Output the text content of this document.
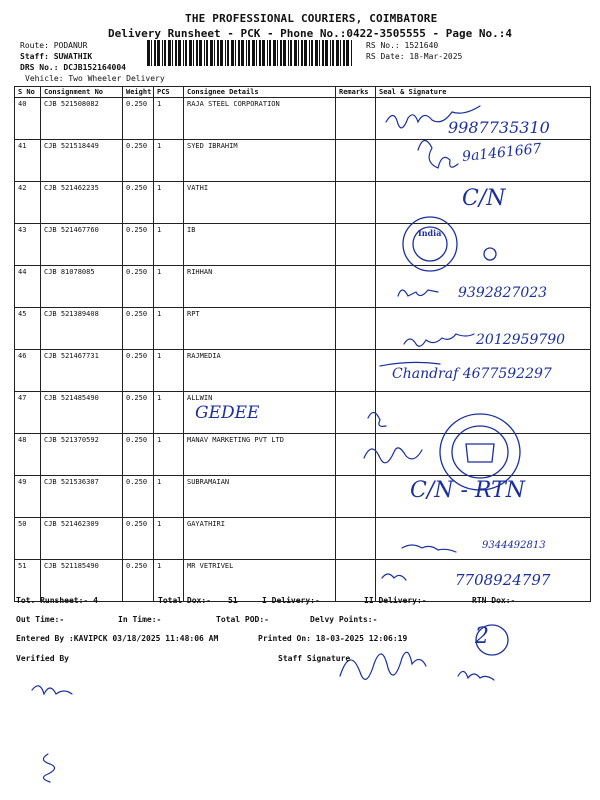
THE PROFESSIONAL COURIERS, COIMBATORE
Delivery Runsheet - PCK - Phone No.:0422-3505555 - Page No.:4
Route: PODANUR
Staff: SUWATHIK
DRS No.: DCJB152164004
Vehicle: Two Wheeler Delivery
RS No.: 1521640
RS Date: 18-Mar-2025
S No	Consignment No	Weight	PCS	Consignee Details	Remarks	Seal & Signature
40	CJB 521508082	0.250	1	RAJA STEEL CORPORATION		
41	CJB 521518449	0.250	1	SYED IBRAHIM		
42	CJB 521462235	0.250	1	VATHI		
43	CJB 521467760	0.250	1	IB		
44	CJB 81078085	0.250	1	RIHHAN		
45	CJB 521389408	0.250	1	RPT		
46	CJB 521467731	0.250	1	RAJMEDIA		
47	CJB 521485490	0.250	1	ALLWIN		
48	CJB 521370592	0.250	1	MANAV MARKETING PVT LTD		
49	CJB 521536307	0.250	1	SUBRAMAIAN		
50	CJB 521462309	0.250	1	GAYATHIRI		
51	CJB 521185490	0.250	1	MR VETRIVEL		
9987735310
9a1461667
C/N
9392827023
2012959790
Chandraf 4677592297
GEDEE
C/N - RTN
9344492813
7708924797
2
India
Tot. Runsheet:- 4	Total Dox:- 51	I Delivery:-	II Delivery:-	RTN Dox:-
Out Time:-	In Time:-	Total POD:-	Delvy Points:-
Entered By :KAVIPCK 03/18/2025 11:48:06 AM	Printed On: 18-03-2025 12:06:19
Verified By	Staff Signature
